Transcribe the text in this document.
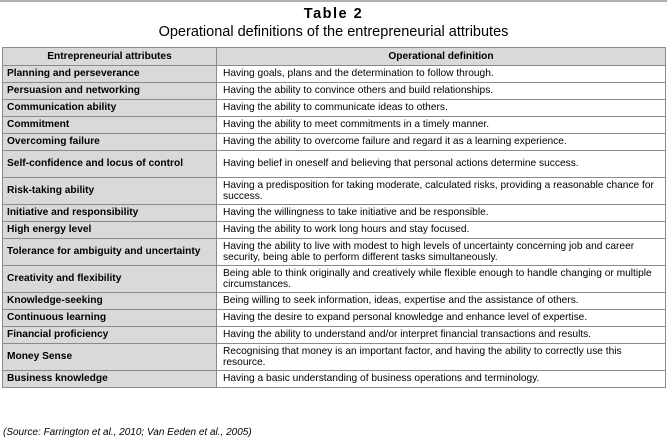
Table 2
Operational definitions of the entrepreneurial attributes
Entrepreneurial attributes	Operational definition
Planning and perseverance	Having goals, plans and the determination to follow through.
Persuasion and networking	Having the ability to convince others and build relationships.
Communication ability	Having the ability to communicate ideas to others.
Commitment	Having the ability to meet commitments in a timely manner.
Overcoming failure	Having the ability to overcome failure and regard it as a learning experience.
Self-confidence and locus of control	Having belief in oneself and believing that personal actions determine success.
Risk-taking ability	Having a predisposition for taking moderate, calculated risks, providing a reasonable chance for success.
Initiative and responsibility	Having the willingness to take initiative and be responsible.
High energy level	Having the ability to work long hours and stay focused.
Tolerance for ambiguity and uncertainty	Having the ability to live with modest to high levels of uncertainty concerning job and career security, being able to perform different tasks simultaneously.
Creativity and flexibility	Being able to think originally and creatively while flexible enough to handle changing or multiple circumstances.
Knowledge-seeking	Being willing to seek information, ideas, expertise and the assistance of others.
Continuous learning	Having the desire to expand personal knowledge and enhance level of expertise.
Financial proficiency	Having the ability to understand and/or interpret financial transactions and results.
Money Sense	Recognising that money is an important factor, and having the ability to correctly use this resource.
Business knowledge	Having a basic understanding of business operations and terminology.
(Source: Farrington et al., 2010; Van Eeden et al., 2005)
